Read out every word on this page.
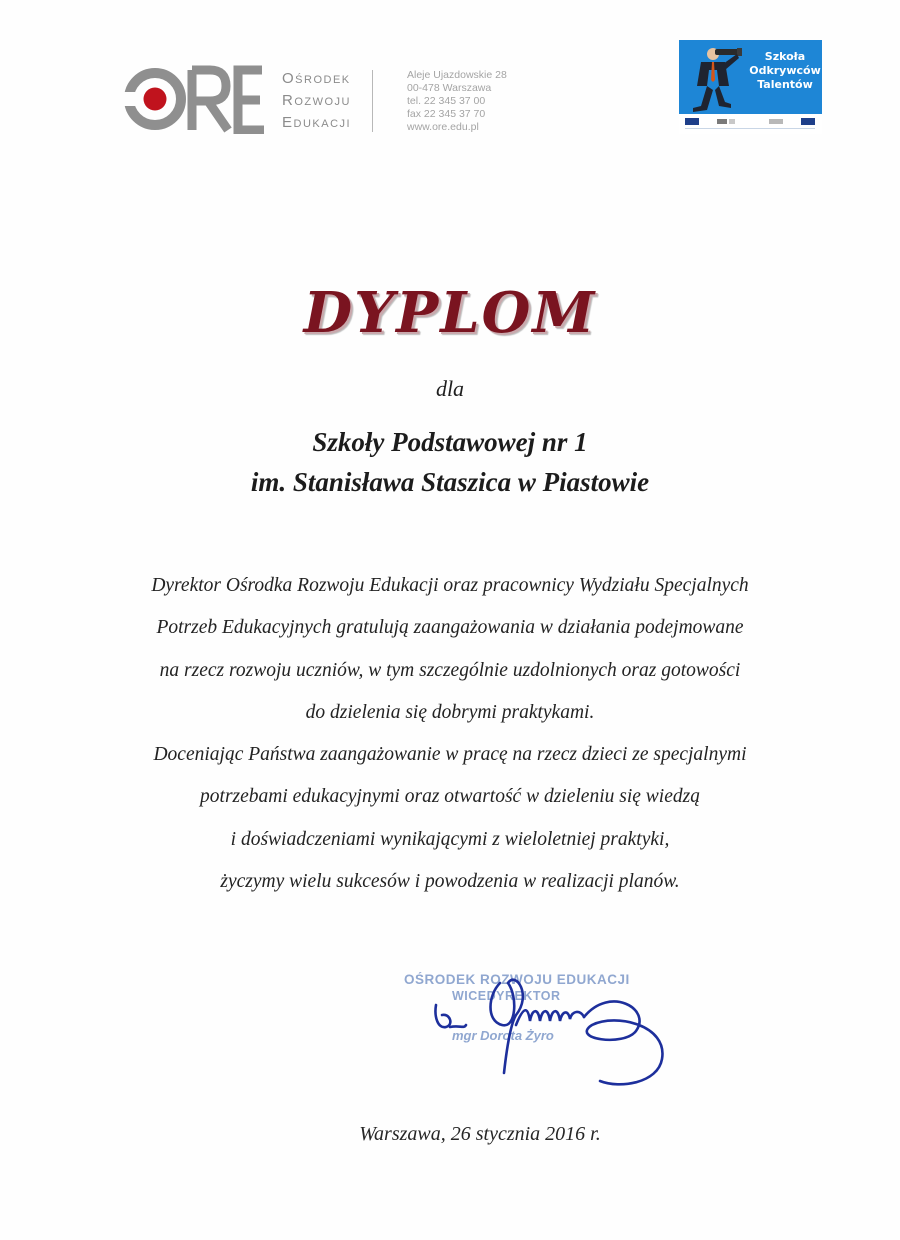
Ośrodek
Rozwoju
Edukacji
Aleje Ujazdowskie 28
00-478 Warszawa
tel. 22 345 37 00
fax 22 345 37 70
www.ore.edu.pl
Szkoła
Odkrywców
Talentów
DYPLOM
dla
Szkoły Podstawowej nr 1
im. Stanisława Staszica w Piastowie
Dyrektor Ośrodka Rozwoju Edukacji oraz pracownicy Wydziału Specjalnych
Potrzeb Edukacyjnych gratulują zaangażowania w działania podejmowane
na rzecz rozwoju uczniów, w tym szczególnie uzdolnionych oraz gotowości
do dzielenia się dobrymi praktykami.
Doceniając Państwa zaangażowanie w pracę na rzecz dzieci ze specjalnymi
potrzebami edukacyjnymi oraz otwartość w dzieleniu się wiedzą
i doświadczeniami wynikającymi z wieloletniej praktyki,
życzymy wielu sukcesów i powodzenia w realizacji planów.
OŚRODEK ROZWOJU EDUKACJI
WICEDYREKTOR
mgr Dorota Żyro
Warszawa, 26 stycznia 2016 r.
